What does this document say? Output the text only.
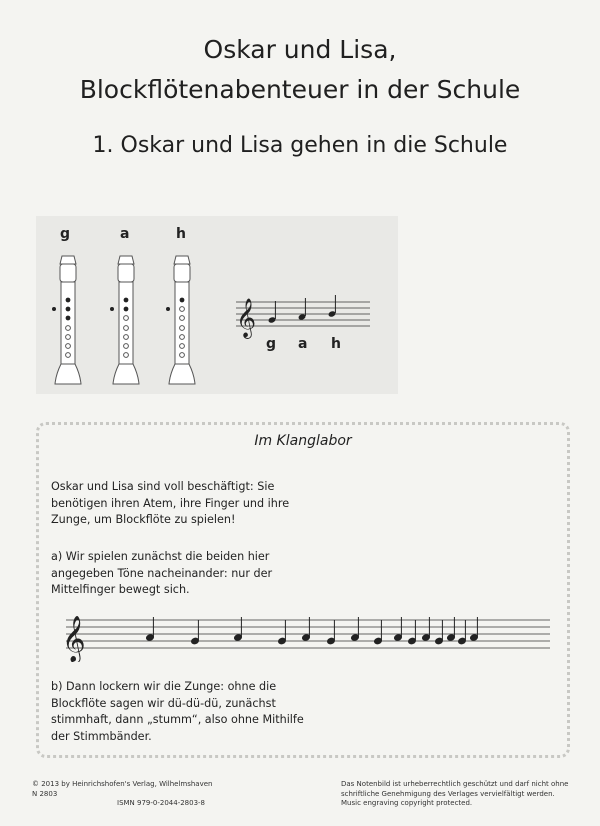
Oskar und Lisa,
Blockflötenabenteuer in der Schule
1. Oskar und Lisa gehen in die Schule
g	a	h
𝄞
g a h
Im Klanglabor

Oskar und Lisa sind voll beschäftigt: Sie benötigen ihren Atem, ihre Finger und ihre Zunge, um Blockflöte zu spielen!

a) Wir spielen zunächst die beiden hier angegeben Töne nacheinander: nur der Mittelfinger bewegt sich.

b) Dann lockern wir die Zunge: ohne die Blockflöte sagen wir dü-dü-dü, zunächst stimmhaft, dann „stumm“, also ohne Mithilfe der Stimmbänder.

𝄞

© 2013 by Heinrichshofen's Verlag, Wilhelmshaven
N 2803
ISMN 979-0-2044-2803-8

Das Notenbild ist urheberrechtlich geschützt und darf nicht ohne
schriftliche Genehmigung des Verlages vervielfältigt werden.
Music engraving copyright protected.
